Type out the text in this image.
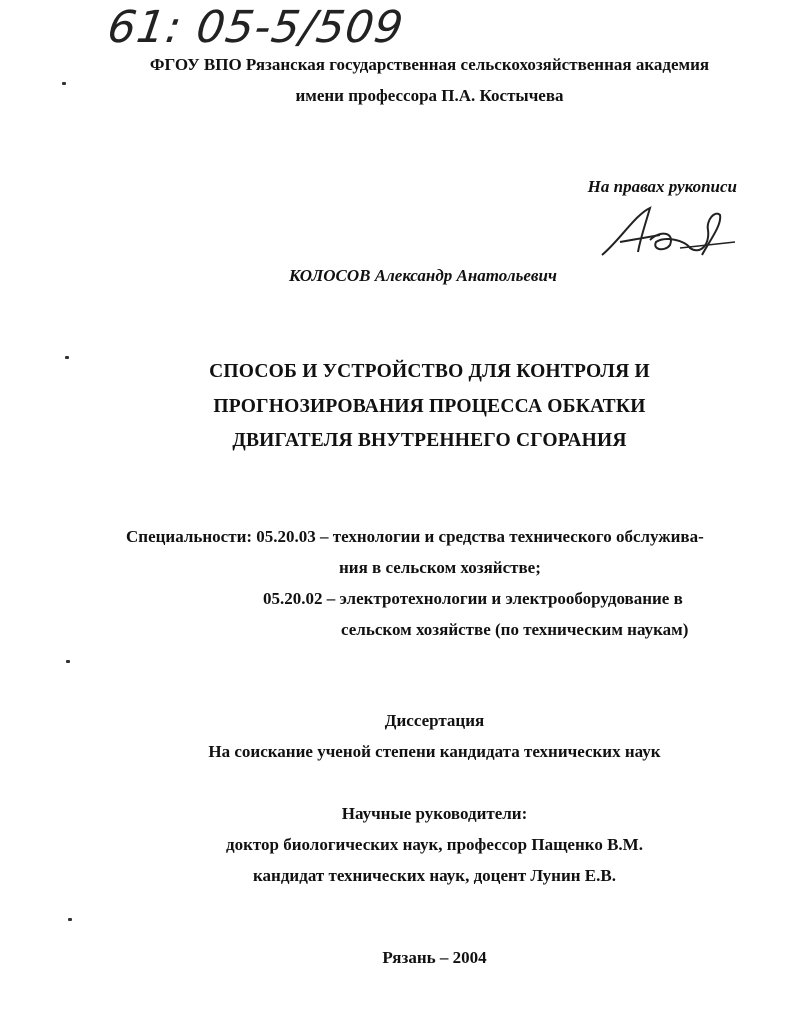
61: 05-5/509
ФГОУ ВПО Рязанская государственная сельскохозяйственная академия
имени профессора П.А. Костычева
На правах рукописи
КОЛОСОВ Александр Анатольевич
СПОСОБ И УСТРОЙСТВО ДЛЯ КОНТРОЛЯ И
ПРОГНОЗИРОВАНИЯ ПРОЦЕССА ОБКАТКИ
ДВИГАТЕЛЯ ВНУТРЕННЕГО СГОРАНИЯ
Специальности: 05.20.03 – технологии и средства технического обслужива-
ния в сельском хозяйстве;
05.20.02 – электротехнологии и электрооборудование в
сельском хозяйстве (по техническим наукам)
Диссертация
На соискание ученой степени кандидата технических наук
Научные руководители:
доктор биологических наук, профессор Пащенко В.М.
кандидат технических наук, доцент Лунин Е.В.
Рязань – 2004
